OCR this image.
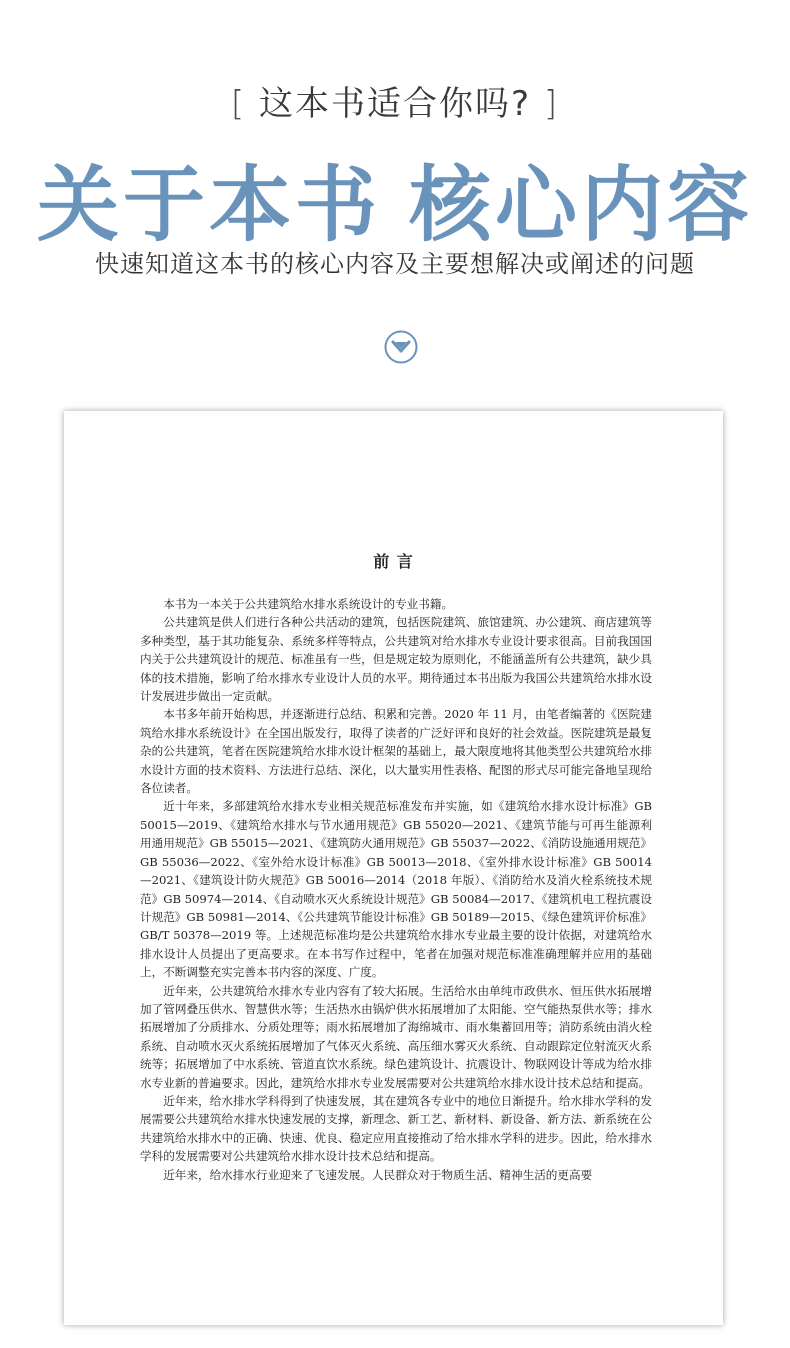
[ 这本书适合你吗? ]
关于本书 核心内容
快速知道这本书的核心内容及主要想解决或阐述的问题
前 言

本书为一本关于公共建筑给水排水系统设计的专业书籍。

公共建筑是供人们进行各种公共活动的建筑，包括医院建筑、旅馆建筑、办公建筑、商店建筑等多种类型，基于其功能复杂、系统多样等特点，公共建筑对给水排水专业设计要求很高。目前我国国内关于公共建筑设计的规范、标准虽有一些，但是规定较为原则化，不能涵盖所有公共建筑，缺少具体的技术措施，影响了给水排水专业设计人员的水平。期待通过本书出版为我国公共建筑给水排水设计发展进步做出一定贡献。

本书多年前开始构思，并逐渐进行总结、积累和完善。2020 年 11 月，由笔者编著的《医院建筑给水排水系统设计》在全国出版发行，取得了读者的广泛好评和良好的社会效益。医院建筑是最复杂的公共建筑，笔者在医院建筑给水排水设计框架的基础上，最大限度地将其他类型公共建筑给水排水设计方面的技术资料、方法进行总结、深化，以大量实用性表格、配图的形式尽可能完备地呈现给各位读者。

近十年来，多部建筑给水排水专业相关规范标准发布并实施，如《建筑给水排水设计标准》GB 50015—2019、《建筑给水排水与节水通用规范》GB 55020—2021、《建筑节能与可再生能源利用通用规范》GB 55015—2021、《建筑防火通用规范》GB 55037—2022、《消防设施通用规范》GB 55036—2022、《室外给水设计标准》GB 50013—2018、《室外排水设计标准》GB 50014—2021、《建筑设计防火规范》GB 50016—2014（2018 年版）、《消防给水及消火栓系统技术规范》GB 50974—2014、《自动喷水灭火系统设计规范》GB 50084—2017、《建筑机电工程抗震设计规范》GB 50981—2014、《公共建筑节能设计标准》GB 50189—2015、《绿色建筑评价标准》GB/T 50378—2019 等。上述规范标准均是公共建筑给水排水专业最主要的设计依据，对建筑给水排水设计人员提出了更高要求。在本书写作过程中，笔者在加强对规范标准准确理解并应用的基础上，不断调整充实完善本书内容的深度、广度。

近年来，公共建筑给水排水专业内容有了较大拓展。生活给水由单纯市政供水、恒压供水拓展增加了管网叠压供水、智慧供水等；生活热水由锅炉供水拓展增加了太阳能、空气能热泵供水等；排水拓展增加了分质排水、分质处理等；雨水拓展增加了海绵城市、雨水集蓄回用等；消防系统由消火栓系统、自动喷水灭火系统拓展增加了气体灭火系统、高压细水雾灭火系统、自动跟踪定位射流灭火系统等；拓展增加了中水系统、管道直饮水系统。绿色建筑设计、抗震设计、物联网设计等成为给水排水专业新的普遍要求。因此，建筑给水排水专业发展需要对公共建筑给水排水设计技术总结和提高。

近年来，给水排水学科得到了快速发展，其在建筑各专业中的地位日渐提升。给水排水学科的发展需要公共建筑给水排水快速发展的支撑，新理念、新工艺、新材料、新设备、新方法、新系统在公共建筑给水排水中的正确、快速、优良、稳定应用直接推动了给水排水学科的进步。因此，给水排水学科的发展需要对公共建筑给水排水设计技术总结和提高。

近年来，给水排水行业迎来了飞速发展。人民群众对于物质生活、精神生活的更高要
